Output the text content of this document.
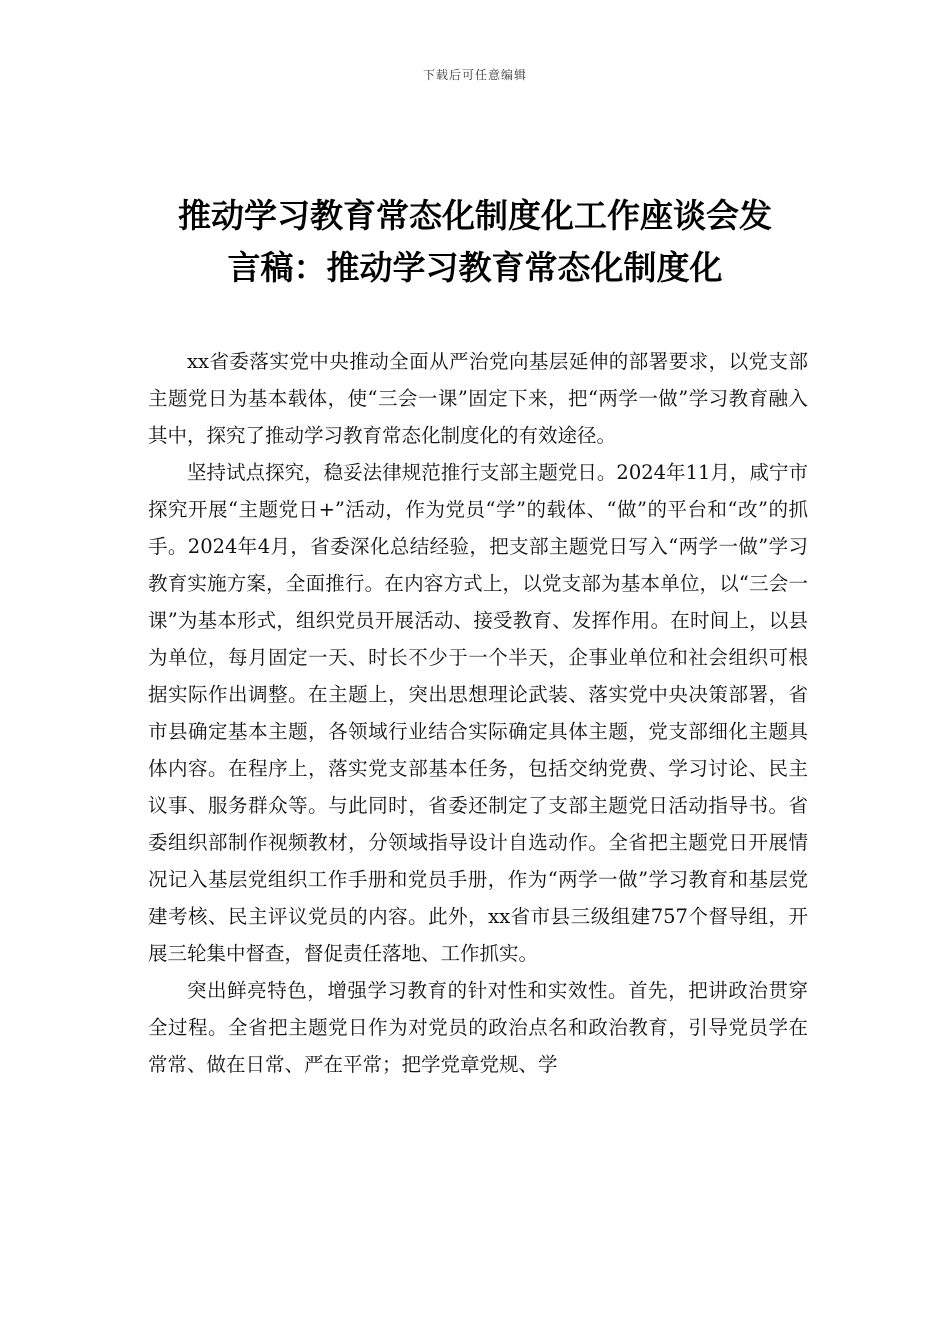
下载后可任意编辑
推动学习教育常态化制度化工作座谈会发
言稿：推动学习教育常态化制度化

xx省委落实党中央推动全面从严治党向基层延伸的部署要求，以党支部主题党日为基本载体，使“三会一课”固定下来，把“两学一做”学习教育融入其中，探究了推动学习教育常态化制度化的有效途径。

坚持试点探究，稳妥法律规范推行支部主题党日。2024年11月，咸宁市探究开展“主题党日+”活动，作为党员“学”的载体、“做”的平台和“改”的抓手。2024年4月，省委深化总结经验，把支部主题党日写入“两学一做”学习教育实施方案，全面推行。在内容方式上，以党支部为基本单位，以“三会一课”为基本形式，组织党员开展活动、接受教育、发挥作用。在时间上，以县为单位，每月固定一天、时长不少于一个半天，企事业单位和社会组织可根据实际作出调整。在主题上，突出思想理论武装、落实党中央决策部署，省市县确定基本主题，各领域行业结合实际确定具体主题，党支部细化主题具体内容。在程序上，落实党支部基本任务，包括交纳党费、学习讨论、民主议事、服务群众等。与此同时，省委还制定了支部主题党日活动指导书。省委组织部制作视频教材，分领域指导设计自选动作。全省把主题党日开展情况记入基层党组织工作手册和党员手册，作为“两学一做”学习教育和基层党建考核、民主评议党员的内容。此外，xx省市县三级组建757个督导组，开展三轮集中督查，督促责任落地、工作抓实。

突出鲜亮特色，增强学习教育的针对性和实效性。首先，把讲政治贯穿全过程。全省把主题党日作为对党员的政治点名和政治教育，引导党员学在常常、做在日常、严在平常；把学党章党规、学
